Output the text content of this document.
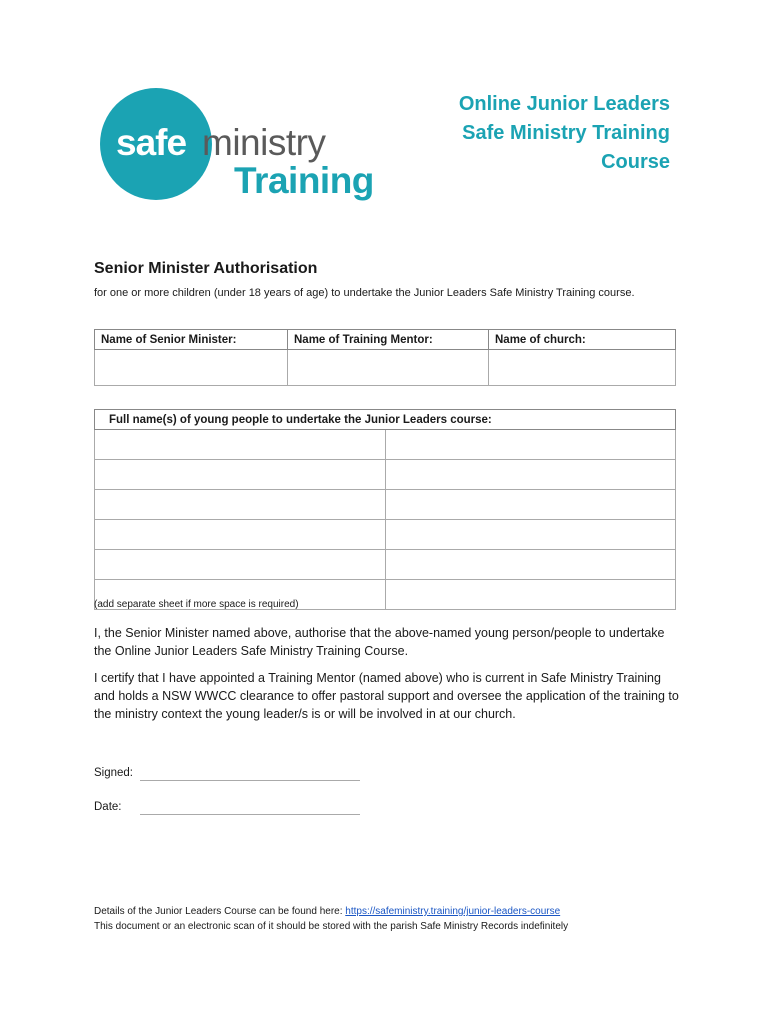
safe ministry
Training
Online Junior Leaders
Safe Ministry Training
Course
Senior Minister Authorisation
for one or more children (under 18 years of age) to undertake the Junior Leaders Safe Ministry Training course.
Name of Senior Minister:	Name of Training Mentor:	Name of church:

Full name(s) of young people to undertake the Junior Leaders course:	

(add separate sheet if more space is required)
I, the Senior Minister named above, authorise that the above-named young person/people to undertake the Online Junior Leaders Safe Ministry Training Course.
I certify that I have appointed a Training Mentor (named above) who is current in Safe Ministry Training and holds a NSW WWCC clearance to offer pastoral support and oversee the application of the training to the ministry context the young leader/s is or will be involved in at our church.
Signed:
Date:
Details of the Junior Leaders Course can be found here: https://safeministry.training/junior-leaders-course
This document or an electronic scan of it should be stored with the parish Safe Ministry Records indefinitely
